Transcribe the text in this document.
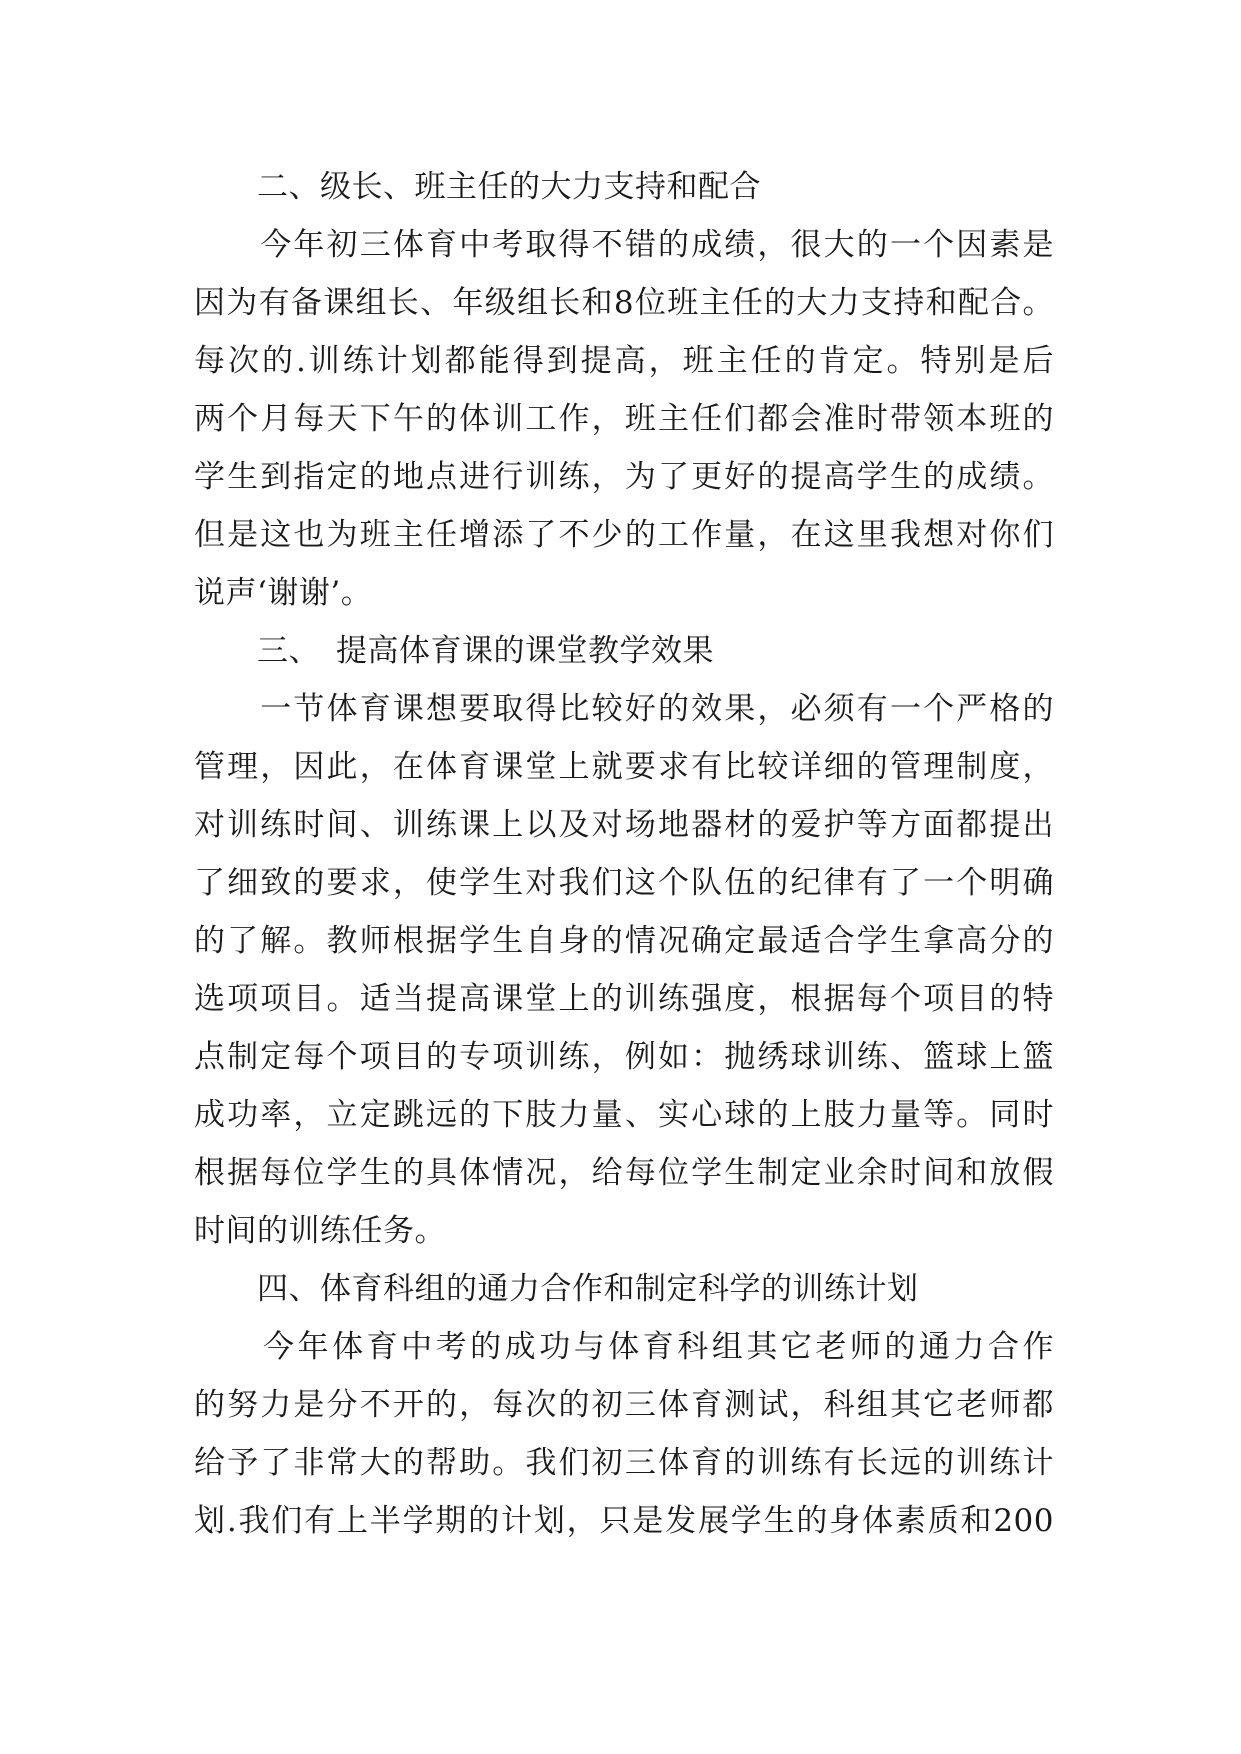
　　二、级长、班主任的大力支持和配合
　　今年初三体育中考取得不错的成绩，很大的一个因素是
因为有备课组长、年级组长和8位班主任的大力支持和配合。
每次的.训练计划都能得到提高，班主任的肯定。特别是后
两个月每天下午的体训工作，班主任们都会准时带领本班的
学生到指定的地点进行训练，为了更好的提高学生的成绩。
但是这也为班主任增添了不少的工作量，在这里我想对你们
说声‘谢谢’。
　　三、　提高体育课的课堂教学效果
　　一节体育课想要取得比较好的效果，必须有一个严格的
管理，因此，在体育课堂上就要求有比较详细的管理制度，
对训练时间、训练课上以及对场地器材的爱护等方面都提出
了细致的要求，使学生对我们这个队伍的纪律有了一个明确
的了解。教师根据学生自身的情况确定最适合学生拿高分的
选项项目。适当提高课堂上的训练强度，根据每个项目的特
点制定每个项目的专项训练，例如：抛绣球训练、篮球上篮
成功率，立定跳远的下肢力量、实心球的上肢力量等。同时
根据每位学生的具体情况，给每位学生制定业余时间和放假
时间的训练任务。
　　四、体育科组的通力合作和制定科学的训练计划
　　今年体育中考的成功与体育科组其它老师的通力合作
的努力是分不开的，每次的初三体育测试，科组其它老师都
给予了非常大的帮助。我们初三体育的训练有长远的训练计
划.我们有上半学期的计划，只是发展学生的身体素质和200
